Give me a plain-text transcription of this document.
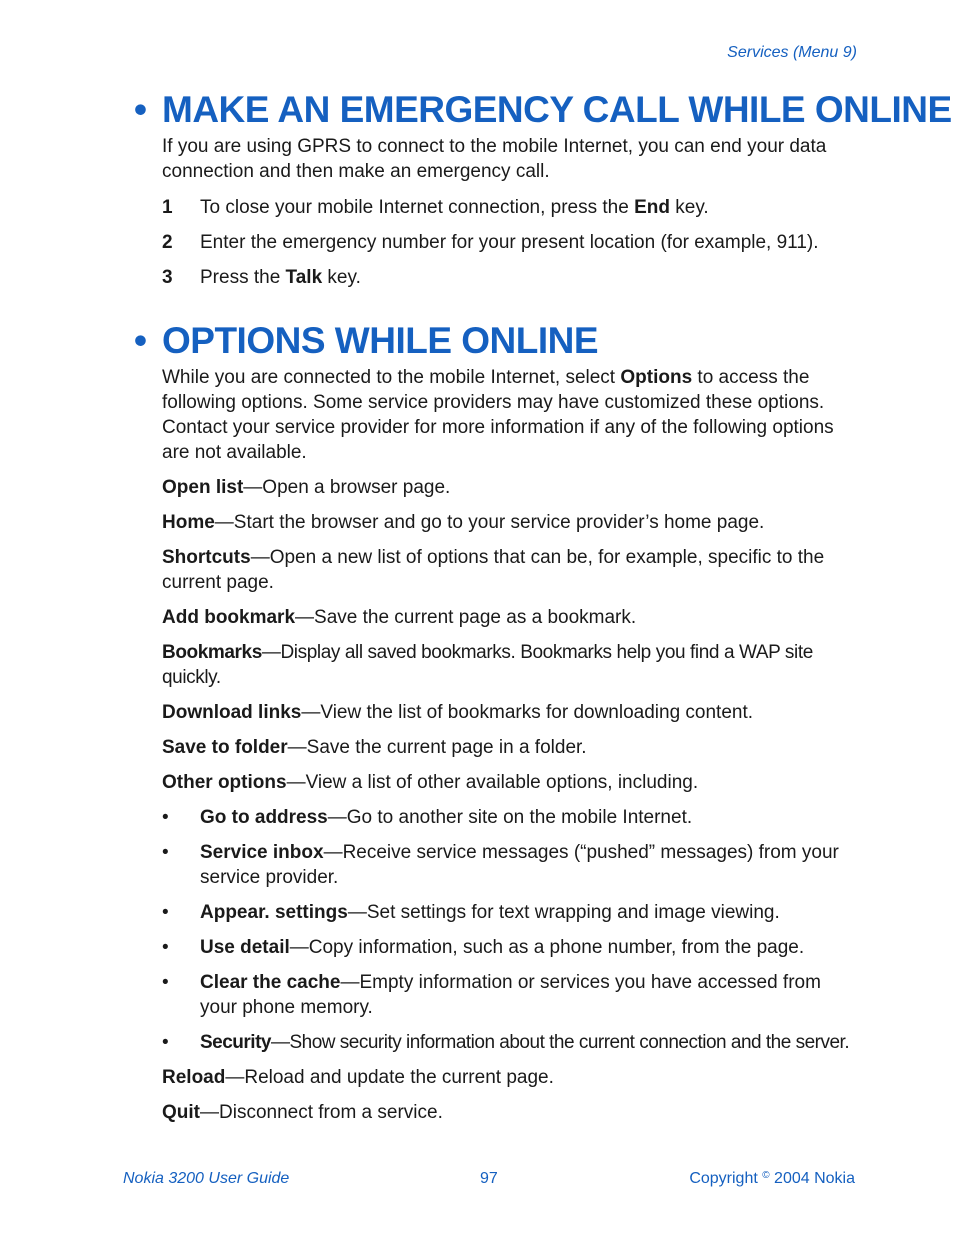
Services (Menu 9)
• MAKE AN EMERGENCY CALL WHILE ONLINE

If you are using GPRS to connect to the mobile Internet, you can end your data connection and then make an emergency call.

1 To close your mobile Internet connection, press the End key.
2 Enter the emergency number for your present location (for example, 911).
3 Press the Talk key.
• OPTIONS WHILE ONLINE

While you are connected to the mobile Internet, select Options to access the following options. Some service providers may have customized these options. Contact your service provider for more information if any of the following options are not available.

Open list—Open a browser page.

Home—Start the browser and go to your service provider’s home page.

Shortcuts—Open a new list of options that can be, for example, specific to the current page.

Add bookmark—Save the current page as a bookmark.

Bookmarks—Display all saved bookmarks. Bookmarks help you find a WAP site quickly.

Download links—View the list of bookmarks for downloading content.

Save to folder—Save the current page in a folder.

Other options—View a list of other available options, including.

• Go to address—Go to another site on the mobile Internet.
• Service inbox—Receive service messages (“pushed” messages) from your service provider.
• Appear. settings—Set settings for text wrapping and image viewing.
• Use detail—Copy information, such as a phone number, from the page.
• Clear the cache—Empty information or services you have accessed from your phone memory.
• Security—Show security information about the current connection and the server.

Reload—Reload and update the current page.

Quit—Disconnect from a service.

Nokia 3200 User Guide	97	Copyright © 2004 Nokia
